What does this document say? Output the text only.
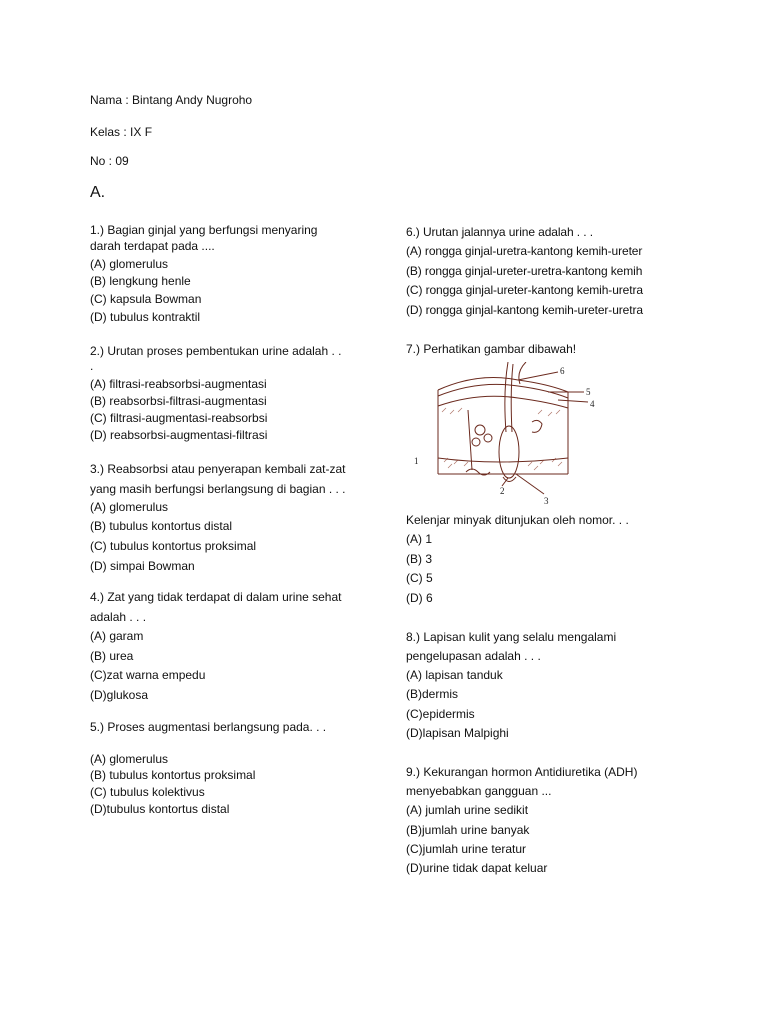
Nama : Bintang Andy Nugroho
Kelas : IX F
No : 09
A.
1.) Bagian ginjal yang berfungsi menyaring
darah terdapat pada ....
(A) glomerulus
(B) lengkung henle
(C) kapsula Bowman
(D) tubulus kontraktil
2.) Urutan proses pembentukan urine adalah . .
.
(A) filtrasi-reabsorbsi-augmentasi
(B) reabsorbsi-filtrasi-augmentasi
(C) filtrasi-augmentasi-reabsorbsi
(D) reabsorbsi-augmentasi-filtrasi
3.) Reabsorbsi atau penyerapan kembali zat-zat
yang masih berfungsi berlangsung di bagian . . .
(A) glomerulus
(B) tubulus kontortus distal
(C) tubulus kontortus proksimal
(D) simpai Bowman
4.) Zat yang tidak terdapat di dalam urine sehat
adalah . . .
(A) garam
(B) urea
(C)zat warna empedu
(D)glukosa
5.) Proses augmentasi berlangsung pada. . .
(A) glomerulus
(B) tubulus kontortus proksimal
(C) tubulus kolektivus
(D)tubulus kontortus distal
6.) Urutan jalannya urine adalah . . .
(A) rongga ginjal-uretra-kantong kemih-ureter
(B) rongga ginjal-ureter-uretra-kantong kemih
(C) rongga ginjal-ureter-kantong kemih-uretra
(D) rongga ginjal-kantong kemih-ureter-uretra
7.) Perhatikan gambar dibawah!
1
2
3
4
5
6
Kelenjar minyak ditunjukan oleh nomor. . .
(A) 1
(B) 3
(C) 5
(D) 6
8.) Lapisan kulit yang selalu mengalami
pengelupasan adalah . . .
(A) lapisan tanduk
(B)dermis
(C)epidermis
(D)lapisan Malpighi
9.) Kekurangan hormon Antidiuretika (ADH)
menyebabkan gangguan ...
(A) jumlah urine sedikit
(B)jumlah urine banyak
(C)jumlah urine teratur
(D)urine tidak dapat keluar
